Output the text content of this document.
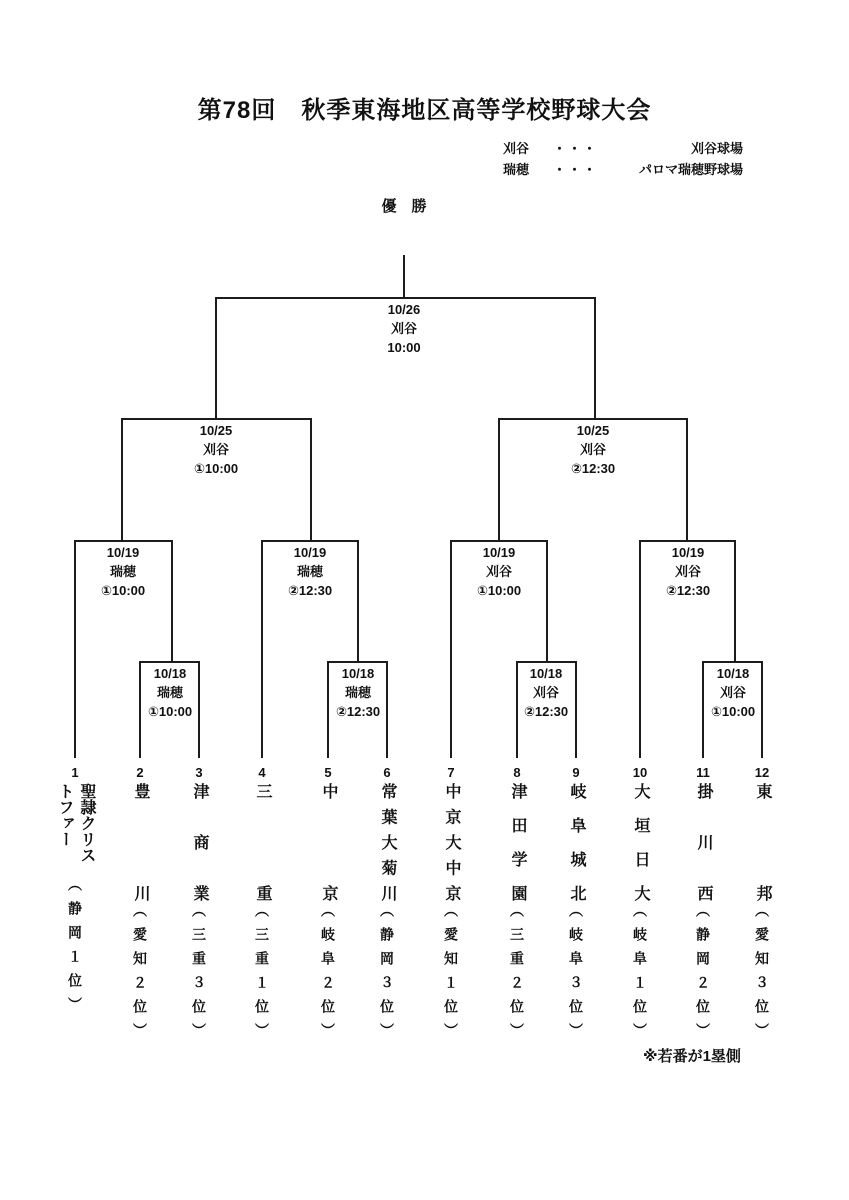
第78回　秋季東海地区高等学校野球大会
刈谷	・・・	刈谷球場
瑞穂	・・・	パロマ瑞穂野球場
優　勝
10/26
刈谷
10:00
10/25
刈谷
①10:00
10/25
刈谷
②12:30
10/19
瑞穂
①10:00
10/19
瑞穂
②12:30
10/19
刈谷
①10:00
10/19
刈谷
②12:30
10/18
瑞穂
①10:00
10/18
瑞穂
②12:30
10/18
刈谷
②12:30
10/18
刈谷
①10:00
1
聖隷クリストファー
（静岡１位）
2
豊川
（愛知２位）
3
津商業
（三重３位）
4
三重
（三重１位）
5
中京
（岐阜２位）
6
常葉大菊川
（静岡３位）
7
中京大中京
（愛知１位）
8
津田学園
（三重２位）
9
岐阜城北
（岐阜３位）
10
大垣日大
（岐阜１位）
11
掛川西
（静岡２位）
12
東邦
（愛知３位）
※若番が1塁側
